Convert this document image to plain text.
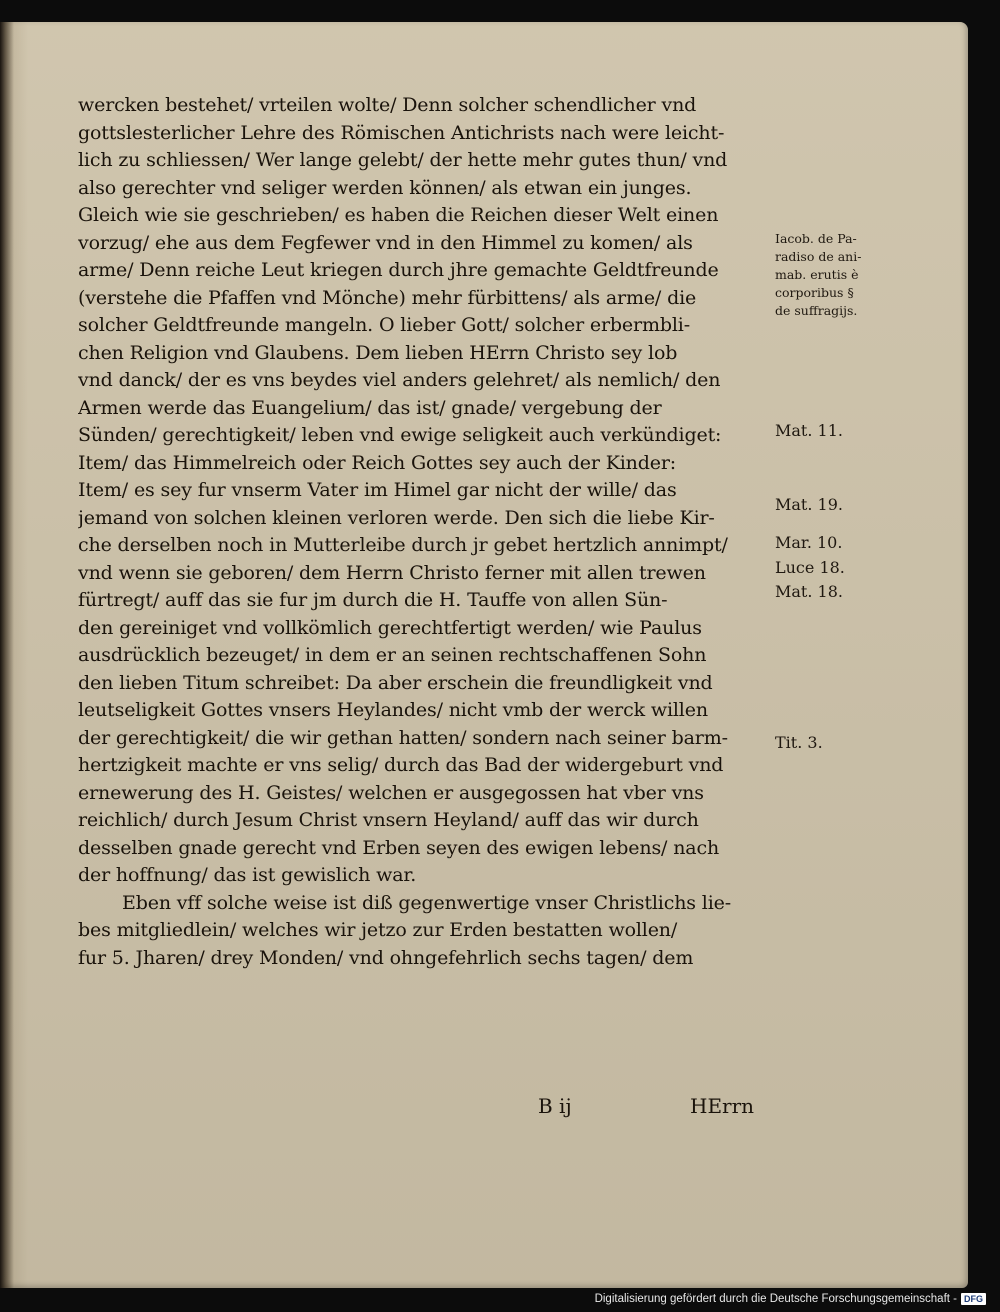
wercken bestehet/ vrteilen wolte/ Denn solcher schendlicher vnd
gottslesterlicher Lehre des Römischen Antichrists nach were leicht-
lich zu schliessen/ Wer lange gelebt/ der hette mehr gutes thun/ vnd
also gerechter vnd seliger werden können/ als etwan ein junges.
Gleich wie sie geschrieben/ es haben die Reichen dieser Welt einen
vorzug/ ehe aus dem Fegfewer vnd in den Himmel zu komen/ als
arme/ Denn reiche Leut kriegen durch jhre gemachte Geldtfreunde
(verstehe die Pfaffen vnd Mönche) mehr fürbittens/ als arme/ die
solcher Geldtfreunde mangeln. O lieber Gott/ solcher erbermbli-
chen Religion vnd Glaubens. Dem lieben HErrn Christo sey lob
vnd danck/ der es vns beydes viel anders gelehret/ als nemlich/ den
Armen werde das Euangelium/ das ist/ gnade/ vergebung der
Sünden/ gerechtigkeit/ leben vnd ewige seligkeit auch verkündiget:
Item/ das Himmelreich oder Reich Gottes sey auch der Kinder:
Item/ es sey fur vnserm Vater im Himel gar nicht der wille/ das
jemand von solchen kleinen verloren werde. Den sich die liebe Kir-
che derselben noch in Mutterleibe durch jr gebet hertzlich annimpt/
vnd wenn sie geboren/ dem Herrn Christo ferner mit allen trewen
fürtregt/ auff das sie fur jm durch die H. Tauffe von allen Sün-
den gereiniget vnd vollkömlich gerechtfertigt werden/ wie Paulus
ausdrücklich bezeuget/ in dem er an seinen rechtschaffenen Sohn
den lieben Titum schreibet: Da aber erschein die freundligkeit vnd
leutseligkeit Gottes vnsers Heylandes/ nicht vmb der werck willen
der gerechtigkeit/ die wir gethan hatten/ sondern nach seiner barm-
hertzigkeit machte er vns selig/ durch das Bad der widergeburt vnd
ernewerung des H. Geistes/ welchen er ausgegossen hat vber vns
reichlich/ durch Jesum Christ vnsern Heyland/ auff das wir durch
desselben gnade gerecht vnd Erben seyen des ewigen lebens/ nach
der hoffnung/ das ist gewislich war.
Eben vff solche weise ist diß gegenwertige vnser Christlichs lie-
bes mitgliedlein/ welches wir jetzo zur Erden bestatten wollen/
fur 5. Jharen/ drey Monden/ vnd ohngefehrlich sechs tagen/ dem
Iacob. de Pa-
radiso de ani-
mab. erutis è
corporibus §
de suffragijs.
Mat. 11.
Mat. 19.
Mar. 10.
Luce 18.
Mat. 18.
Tit. 3.
B ij	HErrn
Digitalisierung gefördert durch die Deutsche Forschungsgemeinschaft - DFG
